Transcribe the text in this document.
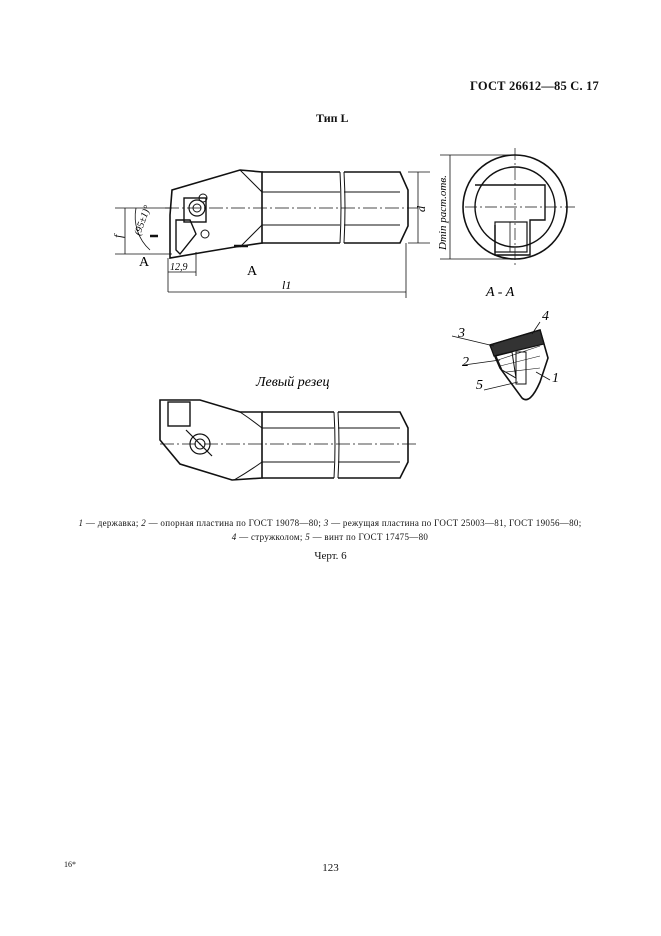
ГОСТ 26612—85 С. 17
Тип L
d
f (95±1)°
A
A
12,9
l1
Dmin раст.отв.
A - A
4
3
2
5	1
Левый резец
1 — державка; 2 — опорная пластина по ГОСТ 19078—80; 3 — режущая пластина по ГОСТ 25003—81, ГОСТ 19056—80;
4 — стружколом; 5 — винт по ГОСТ 17475—80
Черт. 6
16*	123
